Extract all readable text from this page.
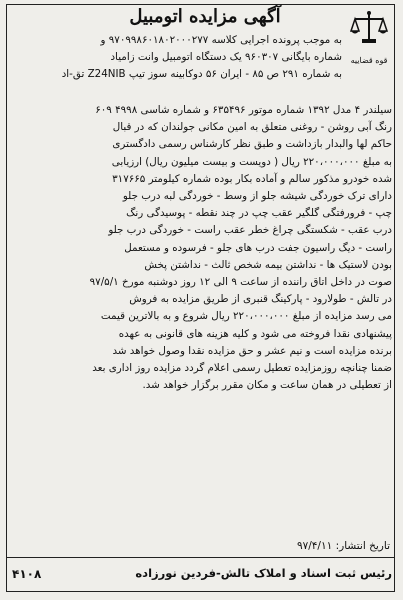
آگهی مزایده اتومبیل
قوه قضاییه
به موجب پرونده اجرایی کلاسه ۹۷۰۹۹۸۶۰۱۸۰۲۰۰۰۲۷۷ و
شماره بایگانی ۹۶۰۳۰۷ یک دستگاه اتومبیل وانت زامیاد
به شماره ۲۹۱ ص ۸۵ - ایران ۵۶ دوکابینه سوز تیپ Z24NIB تق-اد
سیلندر ۴ مدل ۱۳۹۲ شماره موتور ۶۳۵۴۹۶ و شماره شاسی ۴۹۹۸ ۶۰۹
رنگ آبی روشن - روغنی متعلق به امین مکانی جولندان که در قبال
حاکم لها والبدار بازداشت و طبق نظر کارشناس رسمی دادگستری
به مبلغ ۲۲۰،۰۰۰،۰۰۰ ریال ( دویست و بیست میلیون ریال) ارزیابی
شده خودرو مذکور سالم و آماده بکار بوده شماره کیلومتر ۳۱۷۶۶۵
دارای ترک خوردگی شیشه جلو از وسط - خوردگی لبه درب جلو
چپ - فرورفتگی گلگیر عقب چپ در چند نقطه - پوسیدگی رنگ
درب عقب - شکستگی چراغ خطر عقب راست - خوردگی درب جلو
راست - دیگ راسیون جفت درب های جلو - فرسوده و مستعمل
بودن لاستیک ها - نداشتن بیمه شخص ثالث - نداشتن پخش
صوت در داخل اتاق راننده از ساعت ۹ الی ۱۲ روز دوشنبه مورخ ۹۷/۵/۱
در تالش - طولارود - پارکینگ قنبری از طریق مزایده به فروش
می رسد مزایده از مبلغ ۲۲۰،۰۰۰،۰۰۰ ریال شروع و به بالاترین قیمت
پیشنهادی نقدا فروخته می شود و کلیه هزینه های قانونی به عهده
برنده مزایده است و نیم عشر و حق مزایده نقدا وصول خواهد شد
ضمنا چنانچه روزمزایده تعطیل رسمی اعلام گردد مزایده روز اداری بعد
از تعطیلی در همان ساعت و مکان مقرر برگزار خواهد شد.
تاریخ انتشار: ۹۷/۴/۱۱
رئیس ثبت اسناد و املاک تالش-فردین نورزاده
۴۱۰۸
